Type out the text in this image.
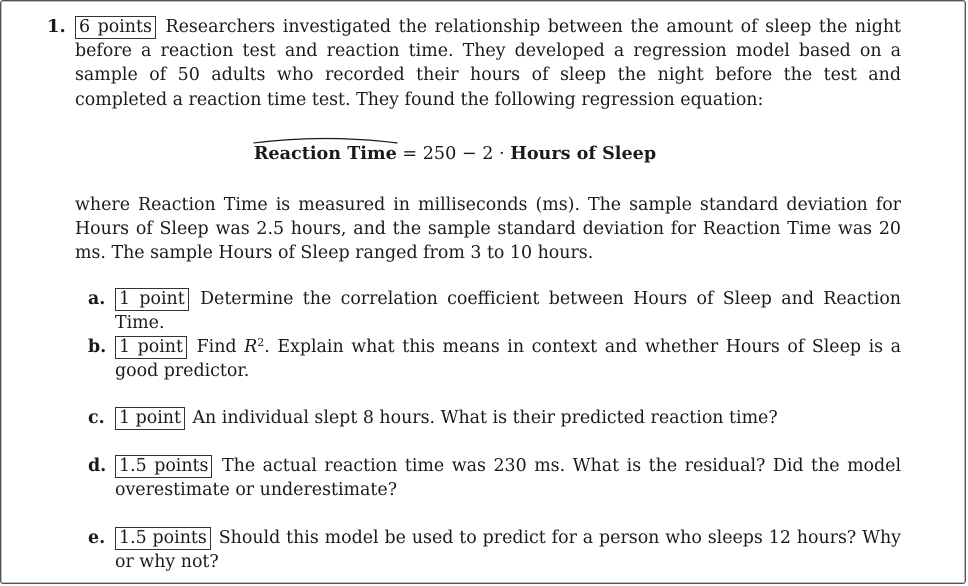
1. 6 points Researchers investigated the relationship between the amount of sleep the night before a reaction test and reaction time. They developed a regression model based on a sample of 50 adults who recorded their hours of sleep the night before the test and completed a reaction time test. They found the following regression equation:
Reaction Time = 250 − 2 · Hours of Sleep
where Reaction Time is measured in milliseconds (ms). The sample standard deviation for Hours of Sleep was 2.5 hours, and the sample standard deviation for Reaction Time was 20 ms. The sample Hours of Sleep ranged from 3 to 10 hours.
a. 1 point Determine the correlation coefficient between Hours of Sleep and Reaction Time.
b. 1 point Find $R^2$. Explain what this means in context and whether Hours of Sleep is a good predictor.
c. 1 point An individual slept 8 hours. What is their predicted reaction time?
d. 1.5 points The actual reaction time was 230 ms. What is the residual? Did the model overestimate or underestimate?
e. 1.5 points Should this model be used to predict for a person who sleeps 12 hours? Why or why not?
